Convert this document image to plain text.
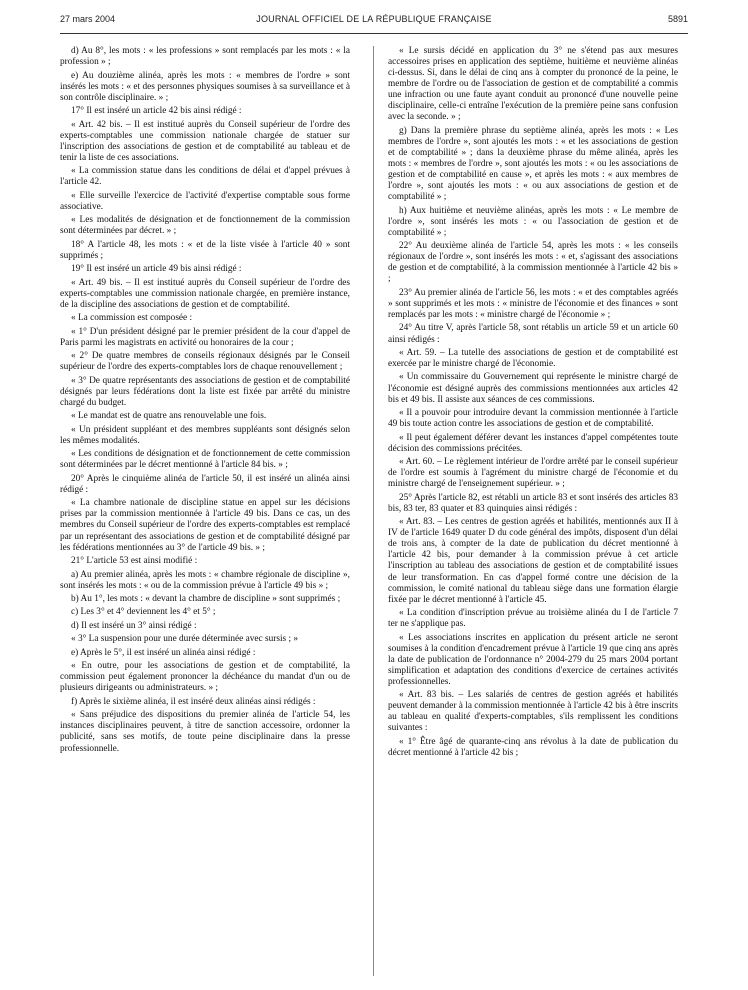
27 mars 2004	JOURNAL OFFICIEL DE LA RÉPUBLIQUE FRANÇAISE	5891

d) Au 8°, les mots : « les professions » sont remplacés par les mots : « la profession » ;

e) Au douzième alinéa, après les mots : « membres de l'ordre » sont insérés les mots : « et des personnes physiques soumises à sa surveillance et à son contrôle disciplinaire. » ;

17° Il est inséré un article 42 bis ainsi rédigé :

« Art. 42 bis. – Il est institué auprès du Conseil supérieur de l'ordre des experts-comptables une commission nationale chargée de statuer sur l'inscription des associations de gestion et de comptabilité au tableau et de tenir la liste de ces associations.

« La commission statue dans les conditions de délai et d'appel prévues à l'article 42.

« Elle surveille l'exercice de l'activité d'expertise comptable sous forme associative.

« Les modalités de désignation et de fonctionnement de la commission sont déterminées par décret. » ;

18° A l'article 48, les mots : « et de la liste visée à l'article 40 » sont supprimés ;

19° Il est inséré un article 49 bis ainsi rédigé :

« Art. 49 bis. – Il est institué auprès du Conseil supérieur de l'ordre des experts-comptables une commission nationale chargée, en première instance, de la discipline des associations de gestion et de comptabilité.

« La commission est composée :

« 1° D'un président désigné par le premier président de la cour d'appel de Paris parmi les magistrats en activité ou honoraires de la cour ;

« 2° De quatre membres de conseils régionaux désignés par le Conseil supérieur de l'ordre des experts-comptables lors de chaque renouvellement ;

« 3° De quatre représentants des associations de gestion et de comptabilité désignés par leurs fédérations dont la liste est fixée par arrêté du ministre chargé du budget.

« Le mandat est de quatre ans renouvelable une fois.

« Un président suppléant et des membres suppléants sont désignés selon les mêmes modalités.

« Les conditions de désignation et de fonctionnement de cette commission sont déterminées par le décret mentionné à l'article 84 bis. » ;

20° Après le cinquième alinéa de l'article 50, il est inséré un alinéa ainsi rédigé :

« La chambre nationale de discipline statue en appel sur les décisions prises par la commission mentionnée à l'article 49 bis. Dans ce cas, un des membres du Conseil supérieur de l'ordre des experts-comptables est remplacé par un représentant des associations de gestion et de comptabilité désigné par les fédérations mentionnées au 3° de l'article 49 bis. » ;

21° L'article 53 est ainsi modifié :

a) Au premier alinéa, après les mots : « chambre régionale de discipline », sont insérés les mots : « ou de la commission prévue à l'article 49 bis » ;

b) Au 1°, les mots : « devant la chambre de discipline » sont supprimés ;

c) Les 3° et 4° deviennent les 4° et 5° ;

d) Il est inséré un 3° ainsi rédigé :

« 3° La suspension pour une durée déterminée avec sursis ; »

e) Après le 5°, il est inséré un alinéa ainsi rédigé :

« En outre, pour les associations de gestion et de comptabilité, la commission peut également prononcer la déchéance du mandat d'un ou de plusieurs dirigeants ou administrateurs. » ;

f) Après le sixième alinéa, il est inséré deux alinéas ainsi rédigés :

« Sans préjudice des dispositions du premier alinéa de l'article 54, les instances disciplinaires peuvent, à titre de sanction accessoire, ordonner la publicité, sans ses motifs, de toute peine disciplinaire dans la presse professionnelle.

« Le sursis décidé en application du 3° ne s'étend pas aux mesures accessoires prises en application des septième, huitième et neuvième alinéas ci-dessus. Si, dans le délai de cinq ans à compter du prononcé de la peine, le membre de l'ordre ou de l'association de gestion et de comptabilité a commis une infraction ou une faute ayant conduit au prononcé d'une nouvelle peine disciplinaire, celle-ci entraîne l'exécution de la première peine sans confusion avec la seconde. » ;

g) Dans la première phrase du septième alinéa, après les mots : « Les membres de l'ordre », sont ajoutés les mots : « et les associations de gestion et de comptabilité » ; dans la deuxième phrase du même alinéa, après les mots : « membres de l'ordre », sont ajoutés les mots : « ou les associations de gestion et de comptabilité en cause », et après les mots : « aux membres de l'ordre », sont ajoutés les mots : « ou aux associations de gestion et de comptabilité » ;

h) Aux huitième et neuvième alinéas, après les mots : « Le membre de l'ordre », sont insérés les mots : « ou l'association de gestion et de comptabilité » ;

22° Au deuxième alinéa de l'article 54, après les mots : « les conseils régionaux de l'ordre », sont insérés les mots : « et, s'agissant des associations de gestion et de comptabilité, à la commission mentionnée à l'article 42 bis » ;

23° Au premier alinéa de l'article 56, les mots : « et des comptables agréés » sont supprimés et les mots : « ministre de l'économie et des finances » sont remplacés par les mots : « ministre chargé de l'économie » ;

24° Au titre V, après l'article 58, sont rétablis un article 59 et un article 60 ainsi rédigés :

« Art. 59. – La tutelle des associations de gestion et de comptabilité est exercée par le ministre chargé de l'économie.

« Un commissaire du Gouvernement qui représente le ministre chargé de l'économie est désigné auprès des commissions mentionnées aux articles 42 bis et 49 bis. Il assiste aux séances de ces commissions.

« Il a pouvoir pour introduire devant la commission mentionnée à l'article 49 bis toute action contre les associations de gestion et de comptabilité.

« Il peut également déférer devant les instances d'appel compétentes toute décision des commissions précitées.

« Art. 60. – Le règlement intérieur de l'ordre arrêté par le conseil supérieur de l'ordre est soumis à l'agrément du ministre chargé de l'économie et du ministre chargé de l'enseignement supérieur. » ;

25° Après l'article 82, est rétabli un article 83 et sont insérés des articles 83 bis, 83 ter, 83 quater et 83 quinquies ainsi rédigés :

« Art. 83. – Les centres de gestion agréés et habilités, mentionnés aux II à IV de l'article 1649 quater D du code général des impôts, disposent d'un délai de trois ans, à compter de la date de publication du décret mentionné à l'article 42 bis, pour demander à la commission prévue à cet article l'inscription au tableau des associations de gestion et de comptabilité issues de leur transformation. En cas d'appel formé contre une décision de la commission, le comité national du tableau siège dans une formation élargie fixée par le décret mentionné à l'article 45.

« La condition d'inscription prévue au troisième alinéa du I de l'article 7 ter ne s'applique pas.

« Les associations inscrites en application du présent article ne seront soumises à la condition d'encadrement prévue à l'article 19 que cinq ans après la date de publication de l'ordonnance n° 2004-279 du 25 mars 2004 portant simplification et adaptation des conditions d'exercice de certaines activités professionnelles.

« Art. 83 bis. – Les salariés de centres de gestion agréés et habilités peuvent demander à la commission mentionnée à l'article 42 bis à être inscrits au tableau en qualité d'experts-comptables, s'ils remplissent les conditions suivantes :

« 1° Être âgé de quarante-cinq ans révolus à la date de publication du décret mentionné à l'article 42 bis ;
